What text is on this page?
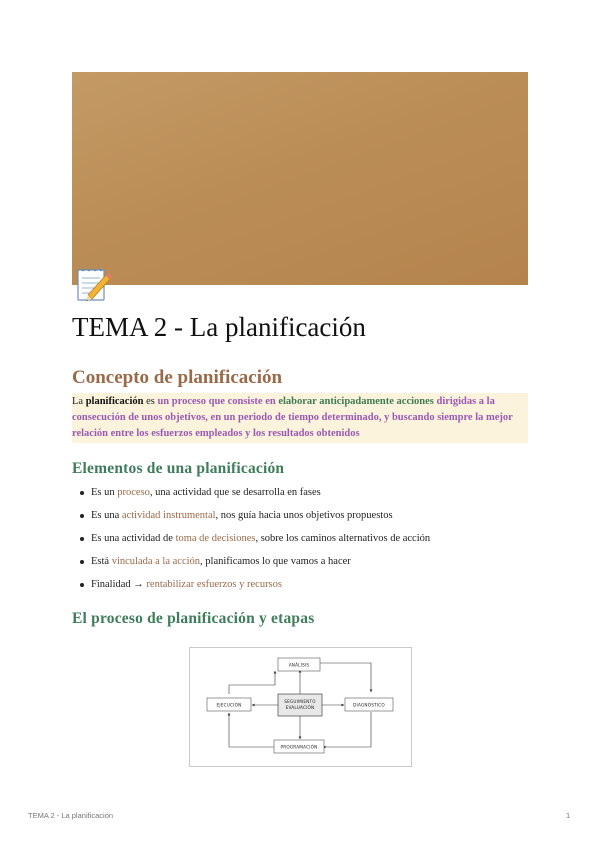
TEMA 2 - La planificación
Concepto de planificación
La planificación es un proceso que consiste en elaborar anticipadamente acciones dirigidas a la consecución de unos objetivos, en un periodo de tiempo determinado, y buscando siempre la mejor relación entre los esfuerzos empleados y los resultados obtenidos
Elementos de una planificación
Es un proceso, una actividad que se desarrolla en fases
Es una actividad instrumental, nos guía hacia unos objetivos propuestos
Es una actividad de toma de decisiones, sobre los caminos alternativos de acción
Está vinculada a la acción, planificamos lo que vamos a hacer
Finalidad → rentabilizar esfuerzos y recursos
El proceso de planificación y etapas
ANÁLISIS
EJECUCIÓN
SEGUIMIENTO
EVALUACIÓN
DIAGNÓSTICO
PROGRAMACIÓN
TEMA 2 - La planificación	1
